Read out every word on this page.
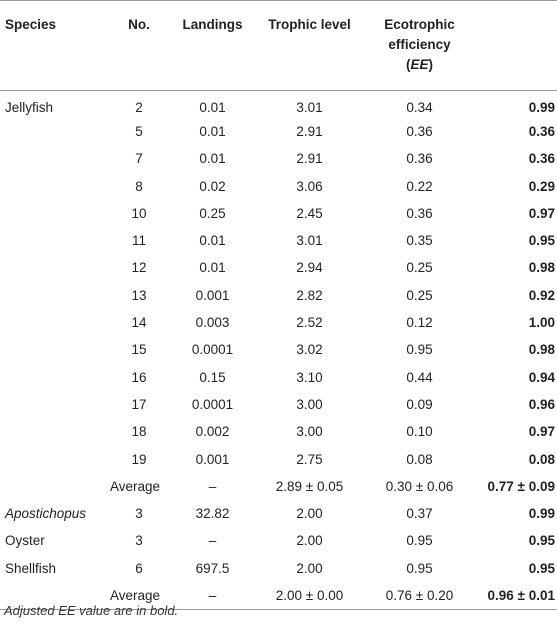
Species	No.	Landings	Trophic level	Ecotrophic
efficiency
(EE)	
Jellyfish	2	0.01	3.01	0.34	0.99
	5	0.01	2.91	0.36	0.36
	7	0.01	2.91	0.36	0.36
	8	0.02	3.06	0.22	0.29
	10	0.25	2.45	0.36	0.97
	11	0.01	3.01	0.35	0.95
	12	0.01	2.94	0.25	0.98
	13	0.001	2.82	0.25	0.92
	14	0.003	2.52	0.12	1.00
	15	0.0001	3.02	0.95	0.98
	16	0.15	3.10	0.44	0.94
	17	0.0001	3.00	0.09	0.96
	18	0.002	3.00	0.10	0.97
	19	0.001	2.75	0.08	0.08
	Average	–	2.89 ± 0.05	0.30 ± 0.06	0.77 ± 0.09
Apostichopus	3	32.82	2.00	0.37	0.99
Oyster	3	–	2.00	0.95	0.95
Shellfish	6	697.5	2.00	0.95	0.95
	Average	–	2.00 ± 0.00	0.76 ± 0.20	0.96 ± 0.01
Adjusted EE value are in bold.
